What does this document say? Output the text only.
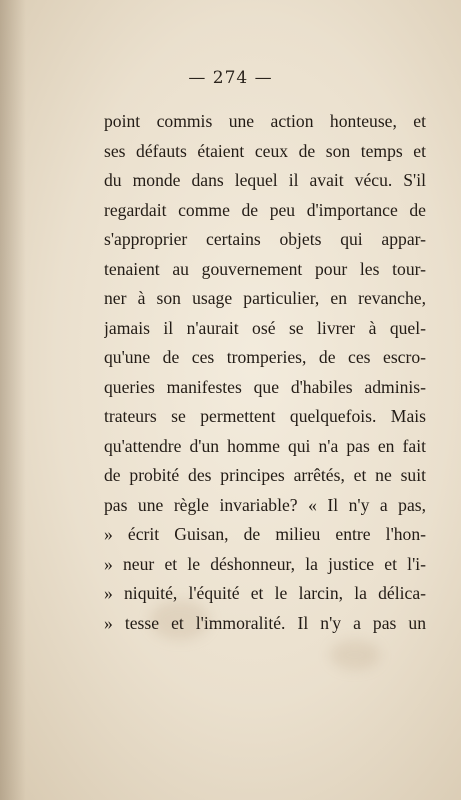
— 274 —
point commis une action honteuse, et
ses défauts étaient ceux de son temps et
du monde dans lequel il avait vécu. S'il
regardait comme de peu d'importance de
s'approprier certains objets qui appar-
tenaient au gouvernement pour les tour-
ner à son usage particulier, en revanche,
jamais il n'aurait osé se livrer à quel-
qu'une de ces tromperies, de ces escro-
queries manifestes que d'habiles adminis-
trateurs se permettent quelquefois. Mais
qu'attendre d'un homme qui n'a pas en fait
de probité des principes arrêtés, et ne suit
pas une règle invariable? « Il n'y a pas,
» écrit Guisan, de milieu entre l'hon-
» neur et le déshonneur, la justice et l'i-
» niquité, l'équité et le larcin, la délica-
» tesse et l'immoralité. Il n'y a pas un
